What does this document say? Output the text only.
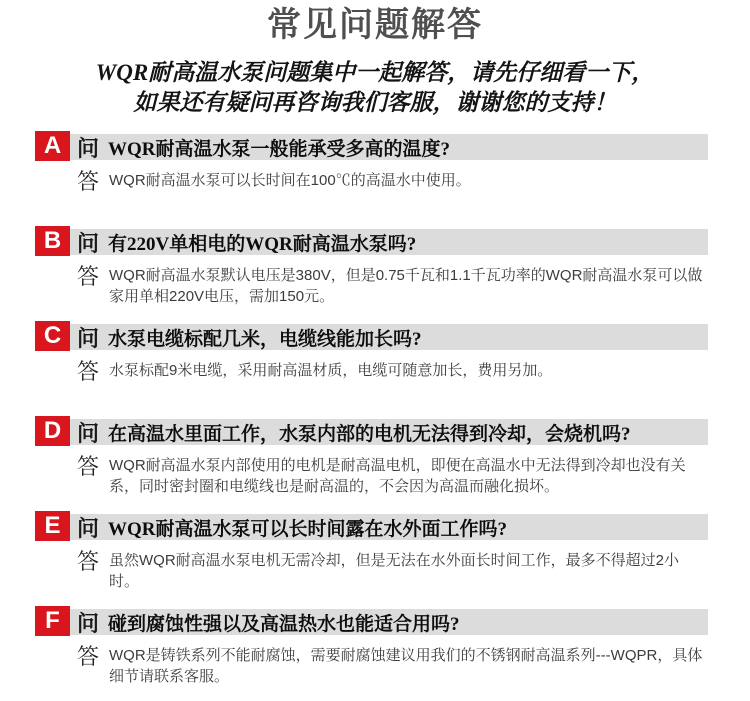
常见问题解答
WQR耐高温水泵问题集中一起解答，请先仔细看一下，
如果还有疑问再咨询我们客服，谢谢您的支持！
A 问 WQR耐高温水泵一般能承受多高的温度?
答 WQR耐高温水泵可以长时间在100℃的高温水中使用。

B 问 有220V单相电的WQR耐高温水泵吗?
答 WQR耐高温水泵默认电压是380V，但是0.75千瓦和1.1千瓦功率的WQR耐高温水泵可以做家用单相220V电压，需加150元。

C 问 水泵电缆标配几米，电缆线能加长吗?
答 水泵标配9米电缆，采用耐高温材质，电缆可随意加长，费用另加。

D 问 在高温水里面工作，水泵内部的电机无法得到冷却，会烧机吗?
答 WQR耐高温水泵内部使用的电机是耐高温电机，即便在高温水中无法得到冷却也没有关系，同时密封圈和电缆线也是耐高温的，不会因为高温而融化损坏。

E 问 WQR耐高温水泵可以长时间露在水外面工作吗?
答 虽然WQR耐高温水泵电机无需冷却，但是无法在水外面长时间工作，最多不得超过2小时。

F 问 碰到腐蚀性强以及高温热水也能适合用吗?
答 WQR是铸铁系列不能耐腐蚀，需要耐腐蚀建议用我们的不锈钢耐高温系列---WQPR，具体细节请联系客服。
